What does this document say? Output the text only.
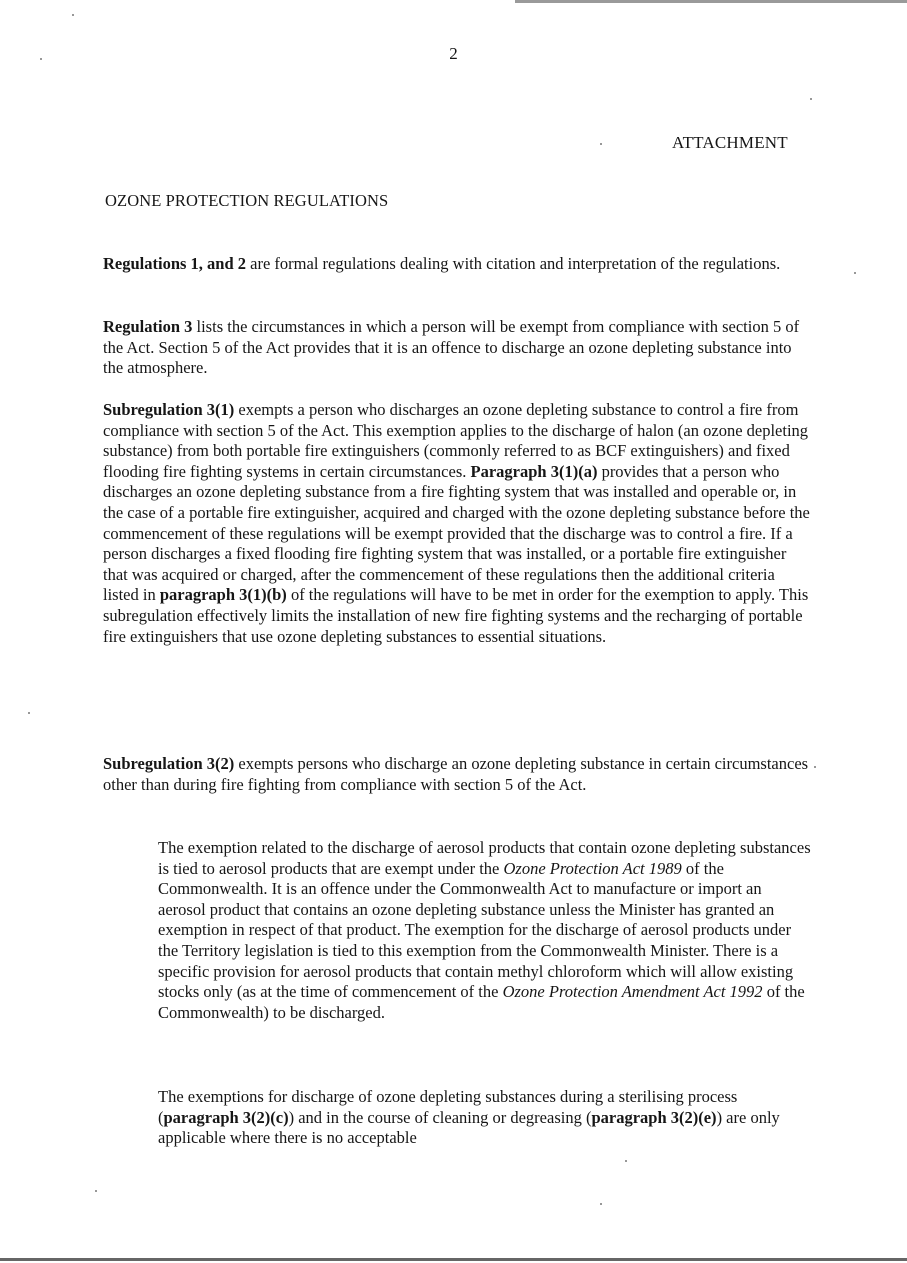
2
ATTACHMENT
OZONE PROTECTION REGULATIONS

Regulations 1, and 2 are formal regulations dealing with citation and interpretation of the regulations.

Regulation 3 lists the circumstances in which a person will be exempt from compliance with section 5 of the Act. Section 5 of the Act provides that it is an offence to discharge an ozone depleting substance into the atmosphere.

Subregulation 3(1) exempts a person who discharges an ozone depleting substance to control a fire from compliance with section 5 of the Act. This exemption applies to the discharge of halon (an ozone depleting substance) from both portable fire extinguishers (commonly referred to as BCF extinguishers) and fixed flooding fire fighting systems in certain circumstances. Paragraph 3(1)(a) provides that a person who discharges an ozone depleting substance from a fire fighting system that was installed and operable or, in the case of a portable fire extinguisher, acquired and charged with the ozone depleting substance before the commencement of these regulations will be exempt provided that the discharge was to control a fire. If a person discharges a fixed flooding fire fighting system that was installed, or a portable fire extinguisher that was acquired or charged, after the commencement of these regulations then the additional criteria listed in paragraph 3(1)(b) of the regulations will have to be met in order for the exemption to apply. This subregulation effectively limits the installation of new fire fighting systems and the recharging of portable fire extinguishers that use ozone depleting substances to essential situations.

Subregulation 3(2) exempts persons who discharge an ozone depleting substance in certain circumstances other than during fire fighting from compliance with section 5 of the Act.

The exemption related to the discharge of aerosol products that contain ozone depleting substances is tied to aerosol products that are exempt under the Ozone Protection Act 1989 of the Commonwealth. It is an offence under the Commonwealth Act to manufacture or import an aerosol product that contains an ozone depleting substance unless the Minister has granted an exemption in respect of that product. The exemption for the discharge of aerosol products under the Territory legislation is tied to this exemption from the Commonwealth Minister. There is a specific provision for aerosol products that contain methyl chloroform which will allow existing stocks only (as at the time of commencement of the Ozone Protection Amendment Act 1992 of the Commonwealth) to be discharged.

The exemptions for discharge of ozone depleting substances during a sterilising process (paragraph 3(2)(c)) and in the course of cleaning or degreasing (paragraph 3(2)(e)) are only applicable where there is no acceptable
